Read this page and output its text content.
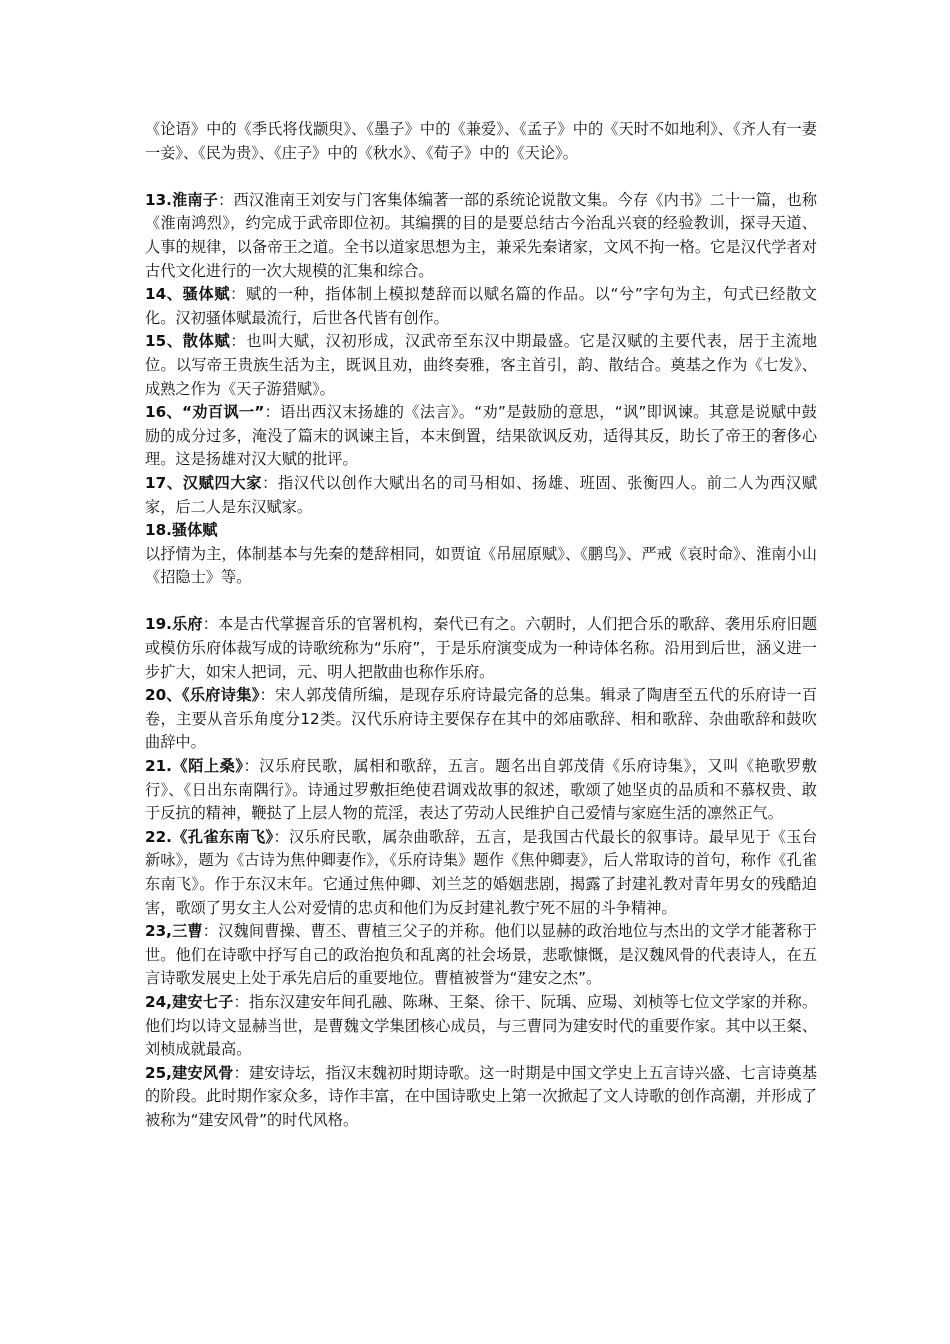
《论语》中的《季氏将伐颛臾》、《墨子》中的《兼爱》、《孟子》中的《天时不如地利》、《齐人有一妻一妾》、《民为贵》、《庄子》中的《秋水》、《荀子》中的《天论》。

13.淮南子：西汉淮南王刘安与门客集体编著一部的系统论说散文集。今存《内书》二十一篇，也称《淮南鸿烈》，约完成于武帝即位初。其编撰的目的是要总结古今治乱兴衰的经验教训，探寻天道、人事的规律，以备帝王之道。全书以道家思想为主，兼采先秦诸家，文风不拘一格。它是汉代学者对古代文化进行的一次大规模的汇集和综合。

14、骚体赋：赋的一种，指体制上模拟楚辞而以赋名篇的作品。以“兮”字句为主，句式已经散文化。汉初骚体赋最流行，后世各代皆有创作。

15、散体赋：也叫大赋，汉初形成，汉武帝至东汉中期最盛。它是汉赋的主要代表，居于主流地位。以写帝王贵族生活为主，既讽且劝，曲终奏雅，客主首引，韵、散结合。奠基之作为《七发》、成熟之作为《天子游猎赋》。

16、“劝百讽一”：语出西汉末扬雄的《法言》。“劝”是鼓励的意思，“讽”即讽谏。其意是说赋中鼓励的成分过多，淹没了篇末的讽谏主旨，本末倒置，结果欲讽反劝，适得其反，助长了帝王的奢侈心理。这是扬雄对汉大赋的批评。

17、汉赋四大家：指汉代以创作大赋出名的司马相如、扬雄、班固、张衡四人。前二人为西汉赋家，后二人是东汉赋家。

18.骚体赋

以抒情为主，体制基本与先秦的楚辞相同，如贾谊《吊屈原赋》、《鹏鸟》、严戒《哀时命》、淮南小山《招隐士》等。

19.乐府：本是古代掌握音乐的官署机构，秦代已有之。六朝时，人们把合乐的歌辞、袭用乐府旧题或模仿乐府体裁写成的诗歌统称为“乐府”，于是乐府演变成为一种诗体名称。沿用到后世，涵义进一步扩大，如宋人把词，元、明人把散曲也称作乐府。

20、《乐府诗集》：宋人郭茂倩所编，是现存乐府诗最完备的总集。辑录了陶唐至五代的乐府诗一百卷，主要从音乐角度分12类。汉代乐府诗主要保存在其中的郊庙歌辞、相和歌辞、杂曲歌辞和鼓吹曲辞中。

21.《陌上桑》：汉乐府民歌，属相和歌辞，五言。题名出自郭茂倩《乐府诗集》，又叫《艳歌罗敷行》、《日出东南隅行》。诗通过罗敷拒绝使君调戏故事的叙述，歌颂了她坚贞的品质和不慕权贵、敢于反抗的精神，鞭挞了上层人物的荒淫，表达了劳动人民维护自己爱情与家庭生活的凛然正气。

22.《孔雀东南飞》：汉乐府民歌，属杂曲歌辞，五言，是我国古代最长的叙事诗。最早见于《玉台新咏》，题为《古诗为焦仲卿妻作》，《乐府诗集》题作《焦仲卿妻》，后人常取诗的首句，称作《孔雀东南飞》。作于东汉末年。它通过焦仲卿、刘兰芝的婚姻悲剧，揭露了封建礼教对青年男女的残酷迫害，歌颂了男女主人公对爱情的忠贞和他们为反封建礼教宁死不屈的斗争精神。

23,三曹：汉魏间曹操、曹丕、曹植三父子的并称。他们以显赫的政治地位与杰出的文学才能著称于世。他们在诗歌中抒写自己的政治抱负和乱离的社会场景，悲歌慷慨，是汉魏风骨的代表诗人，在五言诗歌发展史上处于承先启后的重要地位。曹植被誉为“建安之杰”。

24,建安七子：指东汉建安年间孔融、陈琳、王粲、徐干、阮瑀、应瑒、刘桢等七位文学家的并称。他们均以诗文显赫当世，是曹魏文学集团核心成员，与三曹同为建安时代的重要作家。其中以王粲、刘桢成就最高。

25,建安风骨：建安诗坛，指汉末魏初时期诗歌。这一时期是中国文学史上五言诗兴盛、七言诗奠基的阶段。此时期作家众多，诗作丰富，在中国诗歌史上第一次掀起了文人诗歌的创作高潮，并形成了被称为“建安风骨”的时代风格。
